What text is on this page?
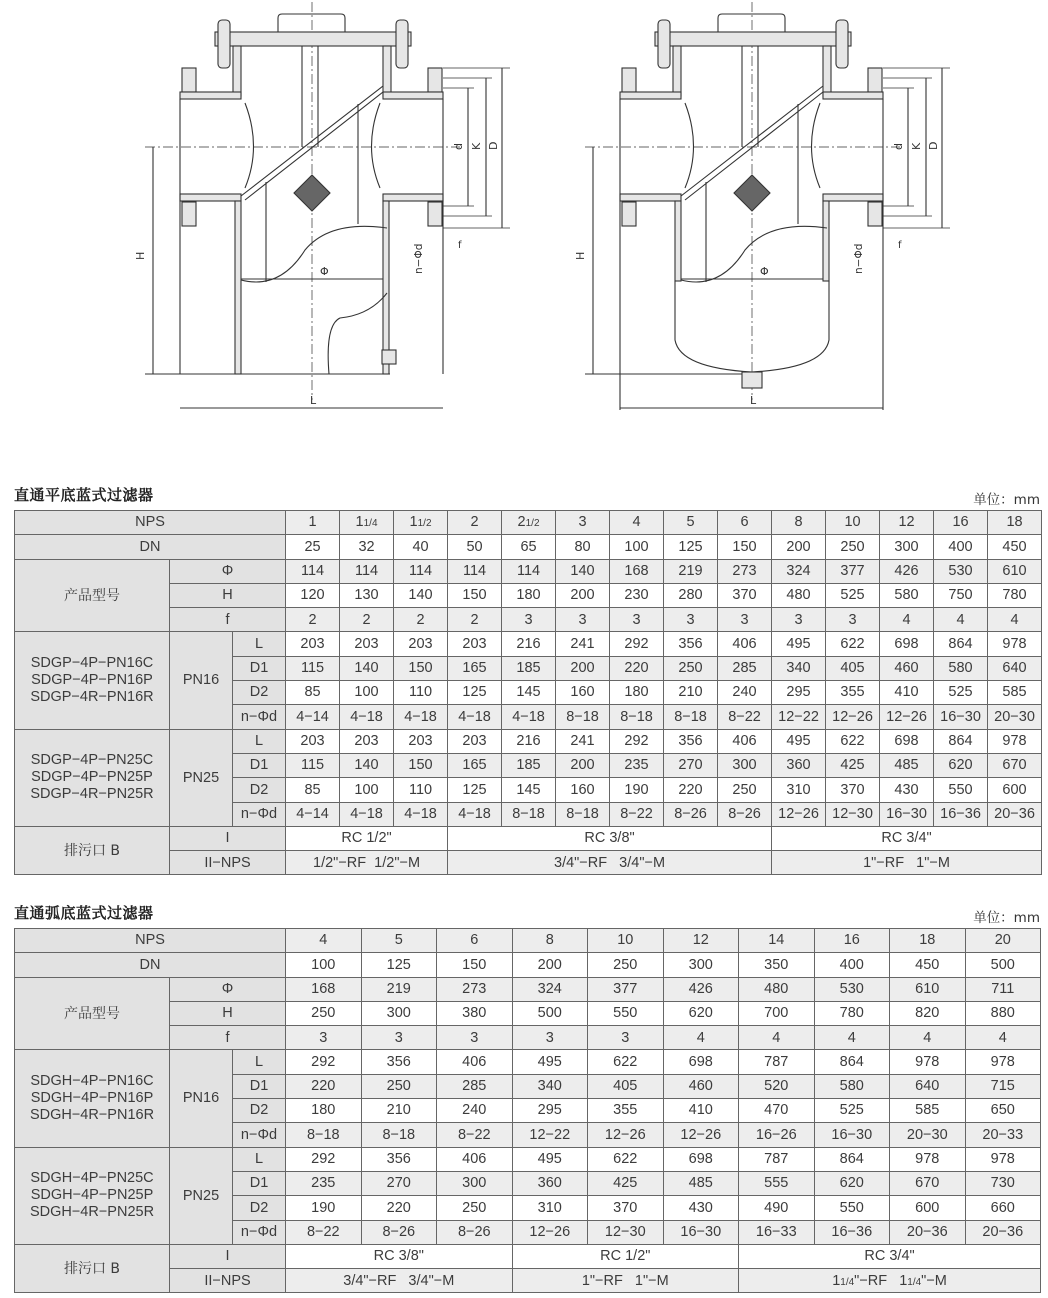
Φ
H
L
d K D
n−Φd	f
Φ
H
L
d K D
n−Φd	f
直通平底蓝式过滤器	单位：mm
NPS			1	11/4	11/2	2	21/2	3	4	5	6	8	10	12	16	18
DN			25	32	40	50	65	80	100	125	150	200	250	300	400	450
产品型号	Φ		114	114	114	114	114	140	168	219	273	324	377	426	530	610
	H		120	130	140	150	180	200	230	280	370	480	525	580	750	780
	f		2	2	2	2	3	3	3	3	3	3	3	4	4	4

SDGP−4P−PN16C
SDGP−4P−PN16P
SDGP−4R−PN16R	PN16	L	203	203	203	203	216	241	292	356	406	495	622	698	864	978
		D1	115	140	150	165	185	200	220	250	285	340	405	460	580	640
		D2	85	100	110	125	145	160	180	210	240	295	355	410	525	585
		n−Φd	4−14	4−18	4−18	4−18	4−18	8−18	8−18	8−18	8−22	12−22	12−26	12−26	16−30	20−30

SDGP−4P−PN25C
SDGP−4P−PN25P
SDGP−4R−PN25R	PN25	L	203	203	203	203	216	241	292	356	406	495	622	698	864	978
		D1	115	140	150	165	185	200	235	270	300	360	425	485	620	670
		D2	85	100	110	125	145	160	190	220	250	310	370	430	550	600
		n−Φd	4−14	4−18	4−18	4−18	8−18	8−18	8−22	8−26	8−26	12−26	12−30	16−30	16−36	20−36
排污口 B	I		RC 1/2"			RC 3/8"						RC 3/4"				
	II−NPS		1/2"−RF  1/2"−M			3/4"−RF   3/4"−M						1"−RF   1"−M				
直通弧底蓝式过滤器	单位：mm
NPS			4	5	6	8	10	12	14	16	18	20
DN			100	125	150	200	250	300	350	400	450	500
产品型号	Φ		168	219	273	324	377	426	480	530	610	711
	H		250	300	380	500	550	620	700	780	820	880
	f		3	3	3	3	3	4	4	4	4	4

SDGH−4P−PN16C
SDGH−4P−PN16P
SDGH−4R−PN16R	PN16	L	292	356	406	495	622	698	787	864	978	978
		D1	220	250	285	340	405	460	520	580	640	715
		D2	180	210	240	295	355	410	470	525	585	650
		n−Φd	8−18	8−18	8−22	12−22	12−26	12−26	16−26	16−30	20−30	20−33

SDGH−4P−PN25C
SDGH−4P−PN25P
SDGH−4R−PN25R	PN25	L	292	356	406	495	622	698	787	864	978	978
		D1	235	270	300	360	425	485	555	620	670	730
		D2	190	220	250	310	370	430	490	550	600	660
		n−Φd	8−22	8−26	8−26	12−26	12−30	16−30	16−33	16−36	20−36	20−36
排污口 B	I		RC 3/8"			RC 1/2"			RC 3/4"			
	II−NPS		3/4"−RF   3/4"−M			1"−RF   1"−M			11/4"−RF   11/4"−M			
